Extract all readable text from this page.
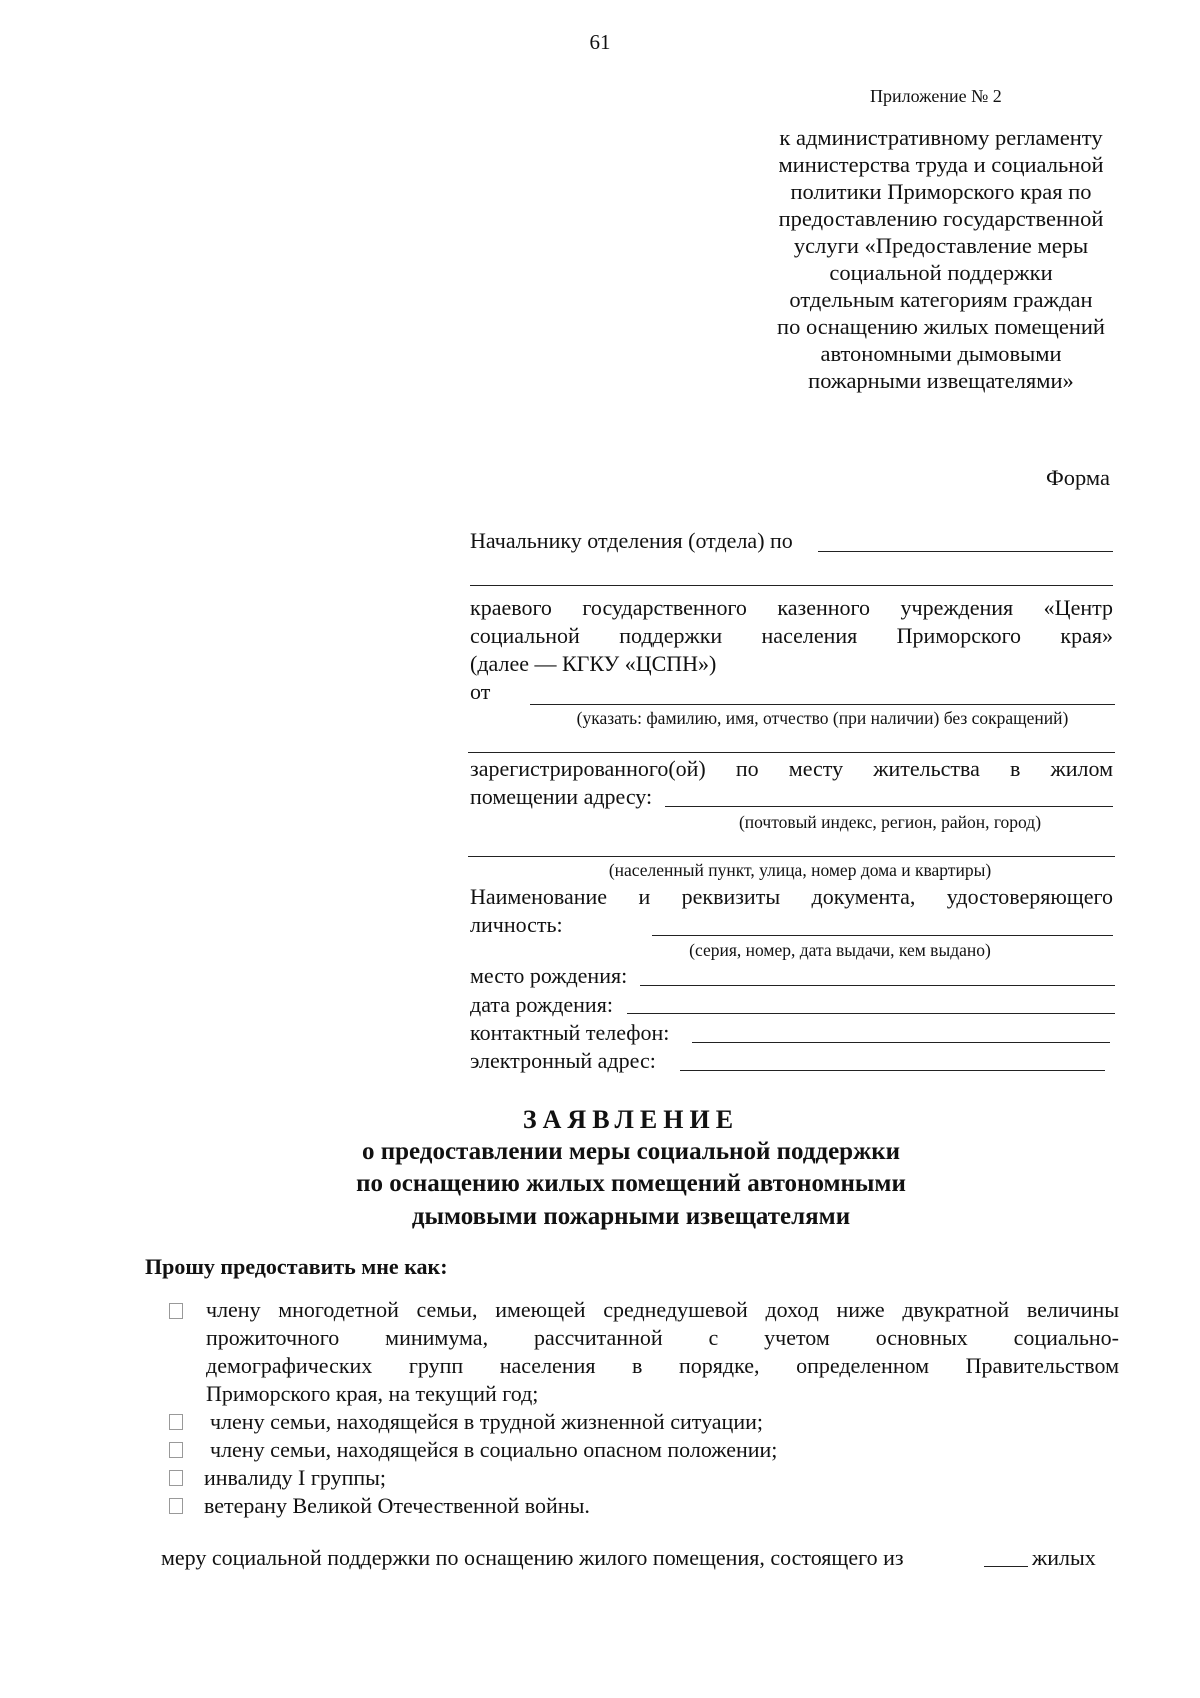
61
Приложение № 2
к административному регламенту
министерства труда и социальной
политики Приморского края по
предоставлению государственной
услуги «Предоставление меры
социальной поддержки
отдельным категориям граждан
по оснащению жилых помещений
автономными дымовыми
пожарными извещателями»
Форма
Начальнику отделения (отдела) по
краевого государственного казенного учреждения «Центр
социальной поддержки населения Приморского края»
(далее — КГКУ «ЦСПН»)
от
(указать: фамилию, имя, отчество (при наличии) без сокращений)
зарегистрированного(ой) по месту жительства в жилом
помещении адресу:
(почтовый индекс, регион, район, город)
(населенный пункт, улица, номер дома и квартиры)
Наименование и реквизиты документа, удостоверяющего
личность:
(серия, номер, дата выдачи, кем выдано)
место рождения:
дата рождения:
контактный телефон:
электронный адрес:
ЗАЯВЛЕНИЕ
о предоставлении меры социальной поддержки
по оснащению жилых помещений автономными
дымовыми пожарными извещателями
Прошу предоставить мне как:
члену многодетной семьи, имеющей среднедушевой доход ниже двукратной величины
прожиточного минимума, рассчитанной с учетом основных социально-
демографических групп населения в порядке, определенном Правительством
Приморского края, на текущий год;
члену семьи, находящейся в трудной жизненной ситуации;
члену семьи, находящейся в социально опасном положении;
инвалиду I группы;
ветерану Великой Отечественной войны.
меру социальной поддержки по оснащению жилого помещения, состоящего из	жилых
